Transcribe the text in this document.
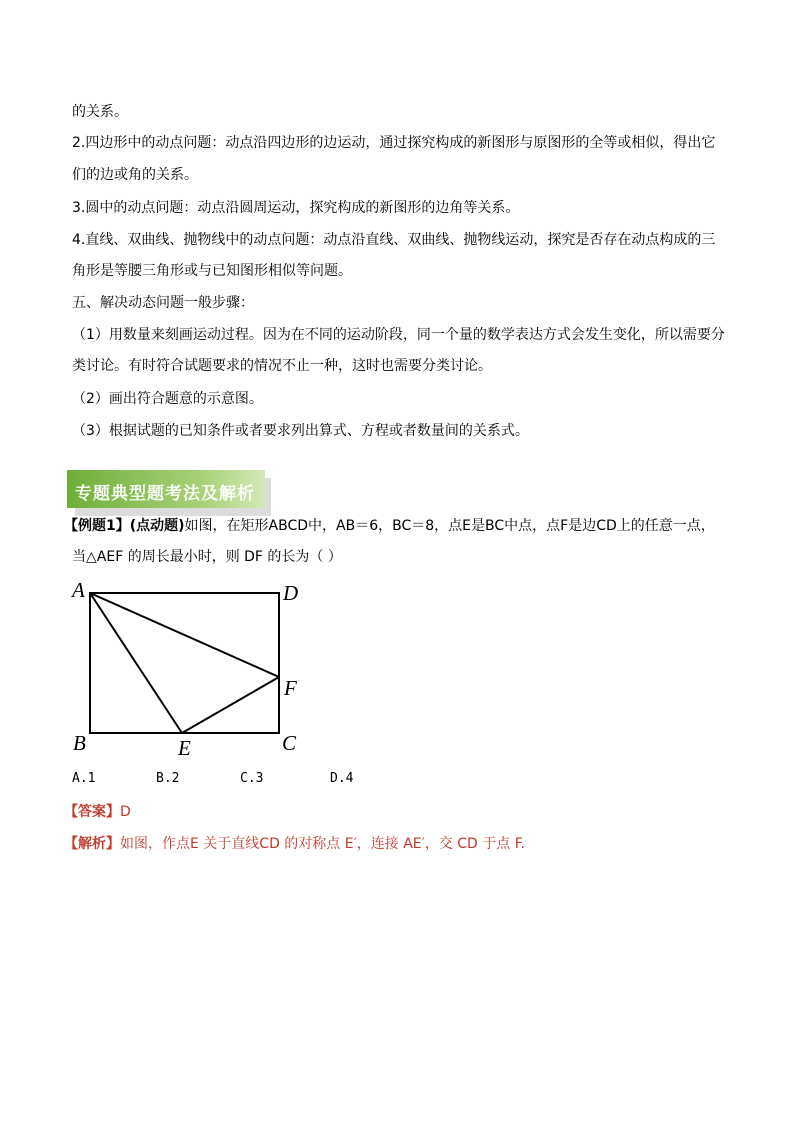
的关系。
2.四边形中的动点问题：动点沿四边形的边运动，通过探究构成的新图形与原图形的全等或相似，得出它
们的边或角的关系。
3.圆中的动点问题：动点沿圆周运动，探究构成的新图形的边角等关系。
4.直线、双曲线、抛物线中的动点问题：动点沿直线、双曲线、抛物线运动，探究是否存在动点构成的三
角形是等腰三角形或与已知图形相似等问题。
五、解决动态问题一般步骤：
（1）用数量来刻画运动过程。因为在不同的运动阶段，同一个量的数学表达方式会发生变化，所以需要分
类讨论。有时符合试题要求的情况不止一种，这时也需要分类讨论。
（2）画出符合题意的示意图。
（3）根据试题的已知条件或者要求列出算式、方程或者数量间的关系式。
专题典型题考法及解析
【例题1】(点动题)如图，在矩形ABCD中，AB＝6，BC＝8，点E是BC中点，点F是边CD上的任意一点，
当△AEF 的周长最小时，则 DF 的长为（ ）
A	D
F
B	E	C
A.1	B.2	C.3	D.4
【答案】D
【解析】如图，作点E 关于直线CD 的对称点 E′，连接 AE′，交 CD 于点 F.
